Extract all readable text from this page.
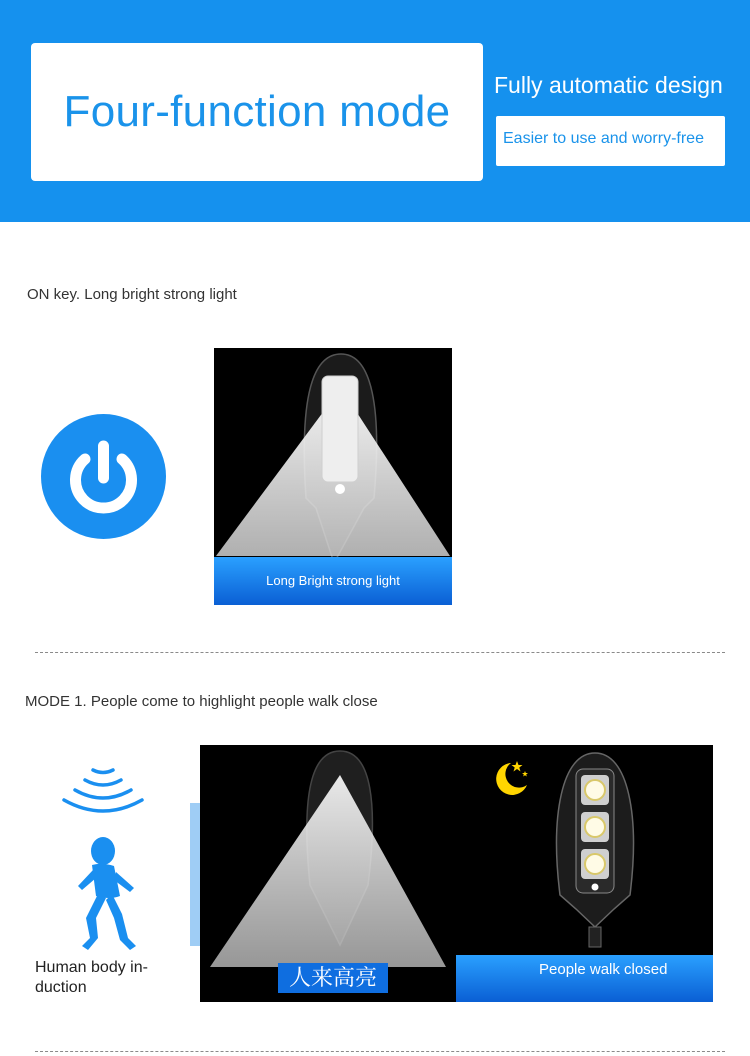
Four-function mode
Fully automatic design
Easier to use and worry-free
ON key. Long bright strong light
Long Bright strong light
MODE 1. People come to highlight people walk close
人来高亮	People walk closed
Human body in-duction
